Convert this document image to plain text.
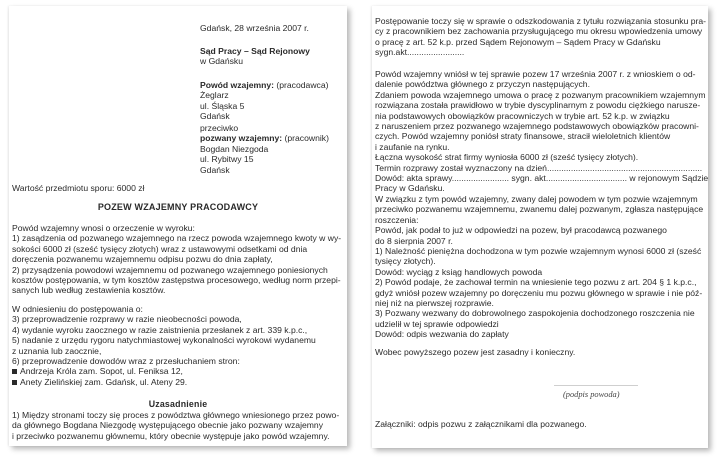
Gdańsk, 28 września 2007 r.
Sąd Pracy – Sąd Rejonowy
w Gdańsku
Powód wzajemny: (pracodawca)
Żeglarz
ul. Śląska 5
Gdańsk
przeciwko
pozwany wzajemny: (pracownik)
Bogdan Niezgoda
ul. Rybitwy 15
Gdańsk
Wartość przedmiotu sporu: 6000 zł
POZEW WZAJEMNY PRACODAWCY
Powód wzajemny wnosi o orzeczenie w wyroku:
1) zasądzenia od pozwanego wzajemnego na rzecz powoda wzajemnego kwoty w wy-
sokości 6000 zł (sześć tysięcy złotych) wraz z ustawowymi odsetkami od dnia
doręczenia pozwanemu wzajemnemu odpisu pozwu do dnia zapłaty,
2) przysądzenia powodowi wzajemnemu od pozwanego wzajemnego poniesionych
kosztów postępowania, w tym kosztów zastępstwa procesowego, według norm przepi-
sanych lub według zestawienia kosztów.
W odniesieniu do postępowania o:
3) przeprowadzenie rozprawy w razie nieobecności powoda,
4) wydanie wyroku zaocznego w razie zaistnienia przesłanek z art. 339 k.p.c.,
5) nadanie z urzędu rygoru natychmiastowej wykonalności wyrokowi wydanemu
z uznania lub zaocznie,
6) przeprowadzenie dowodów wraz z przesłuchaniem stron:
Andrzeja Króla zam. Sopot, ul. Feniksa 12,
Anety Zielińskiej zam. Gdańsk, ul. Ateny 29.
Uzasadnienie
1) Między stronami toczy się proces z powództwa głównego wniesionego przez powo-
da głównego Bogdana Niezgodę występującego obecnie jako pozwany wzajemny
i przeciwko pozwanemu głównemu, który obecnie występuje jako powód wzajemny.
Postępowanie toczy się w sprawie o odszkodowania z tytułu rozwiązania stosunku pra-
cy z pracownikiem bez zachowania przysługującego mu okresu wpowiedzenia umowy
o pracę z art. 52 k.p. przed Sądem Rejonowym – Sądem Pracy w Gdańsku
sygn.akt........................
Powód wzajemny wniósł w tej sprawie pozew 17 września 2007 r. z wnioskiem o od-
dalenie powództwa głównego z przyczyn następujących.
Zdaniem powoda wzajemnego umowa o pracę z pozwanym pracownikiem wzajemnym
rozwiązana została prawidłowo w trybie dyscyplinarnym z powodu ciężkiego narusze-
nia podstawowych obowiązków pracowniczych w trybie art. 52 k.p. w związku
z naruszeniem przez pozwanego wzajemnego podstawowych obowiązków pracowni-
czych. Powód wzajemny poniósł straty finansowe, stracił wieloletnich klientów
i zaufanie na rynku.
Łączna wysokość strat firmy wyniosła 6000 zł (sześć tysięcy złotych).
Termin rozprawy został wyznaczony na dzień.................................................................
Dowód: akta sprawy........................ sygn. akt.................................. w rejonowym Sądzie
Pracy w Gdańsku.
W związku z tym powód wzajemny, zwany dalej powodem w tym pozwie wzajemnym
przeciwko pozwanemu wzajemnemu, zwanemu dalej pozwanym, zgłasza następujące
roszczenia:
Powód, jak podał to już w odpowiedzi na pozew, był pracodawcą pozwanego
do 8 sierpnia 2007 r.
1) Należność pieniężna dochodzona w tym pozwie wzajemnym wynosi 6000 zł (sześć
tysięcy złotych).
Dowód: wyciąg z ksiąg handlowych powoda
2) Powód podaje, że zachował termin na wniesienie tego pozwu z art. 204 § 1 k.p.c.,
gdyż wniósł pozew wzajemny po doręczeniu mu pozwu głównego w sprawie i nie póź-
niej niż na pierwszej rozprawie.
3) Pozwany wezwany do dobrowolnego zaspokojenia dochodzonego roszczenia nie
udzielił w tej sprawie odpowiedzi
Dowód: odpis wezwania do zapłaty
Wobec powyższego pozew jest zasadny i konieczny.
(podpis powoda)
Załączniki: odpis pozwu z załącznikami dla pozwanego.
